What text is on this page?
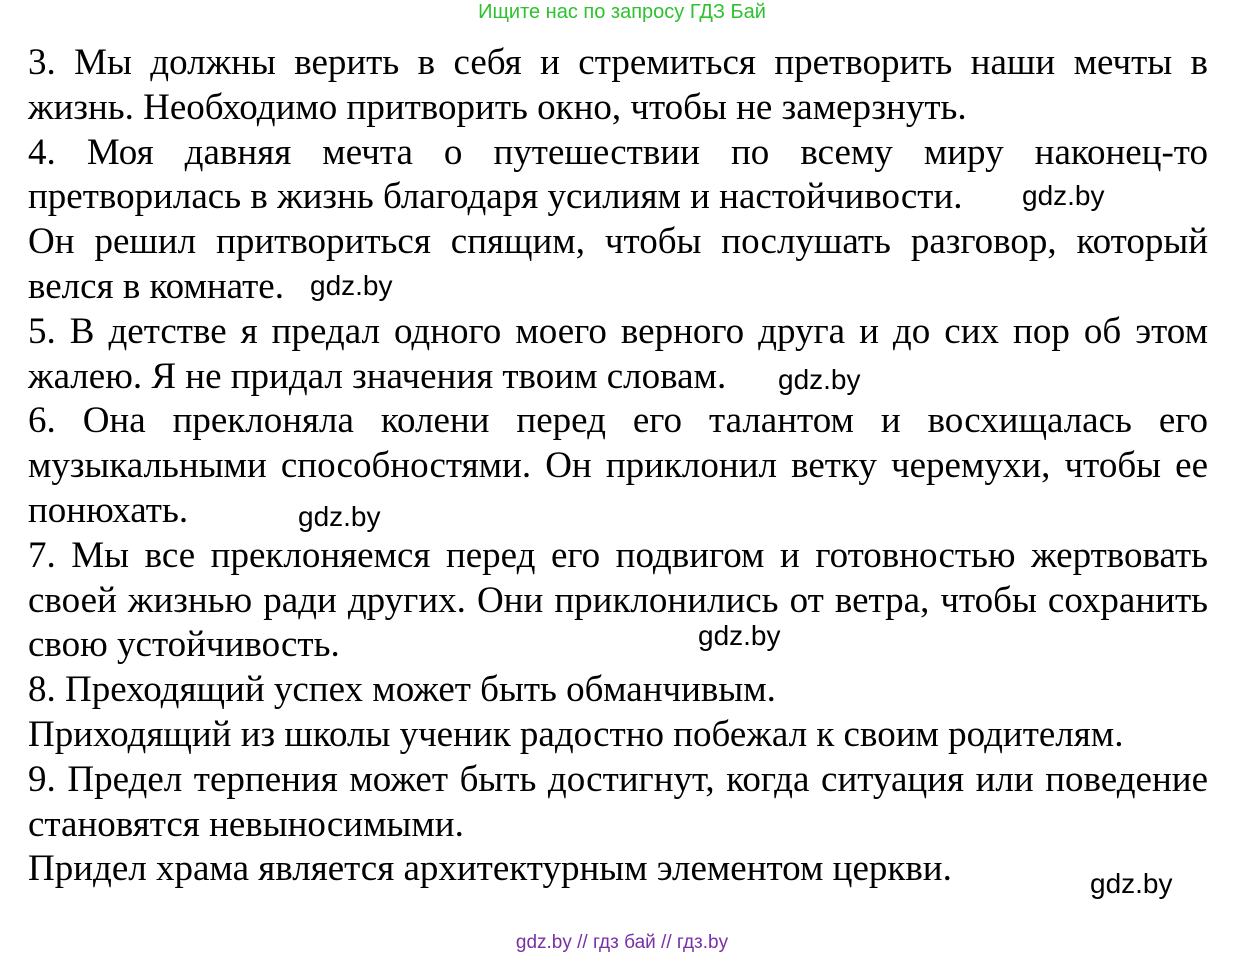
Ищите нас по запросу ГДЗ Бай

3. Мы должны верить в себя и стремиться претворить наши мечты в жизнь. Необходимо притворить окно, чтобы не замерзнуть.

4. Моя давняя мечта о путешествии по всему миру наконец-то претворилась в жизнь благодаря усилиям и настойчивости.

Он решил притвориться спящим, чтобы послушать разговор, который велся в комнате.

5. В детстве я предал одного моего верного друга и до сих пор об этом жалею. Я не придал значения твоим словам.

6. Она преклоняла колени перед его талантом и восхищалась его музыкальными способностями. Он приклонил ветку черемухи, чтобы ее понюхать.

7. Мы все преклоняемся перед его подвигом и готовностью жертвовать своей жизнью ради других. Они приклонились от ветра, чтобы сохранить свою устойчивость.

8. Преходящий успех может быть обманчивым.

Приходящий из школы ученик радостно побежал к своим родителям.

9. Предел терпения может быть достигнут, когда ситуация или поведение становятся невыносимыми.

Придел храма является архитектурным элементом церкви.

gdz.by
gdz.by
gdz.by
gdz.by
gdz.by
gdz.by
gdz.by // гдз бай // гдз.by
